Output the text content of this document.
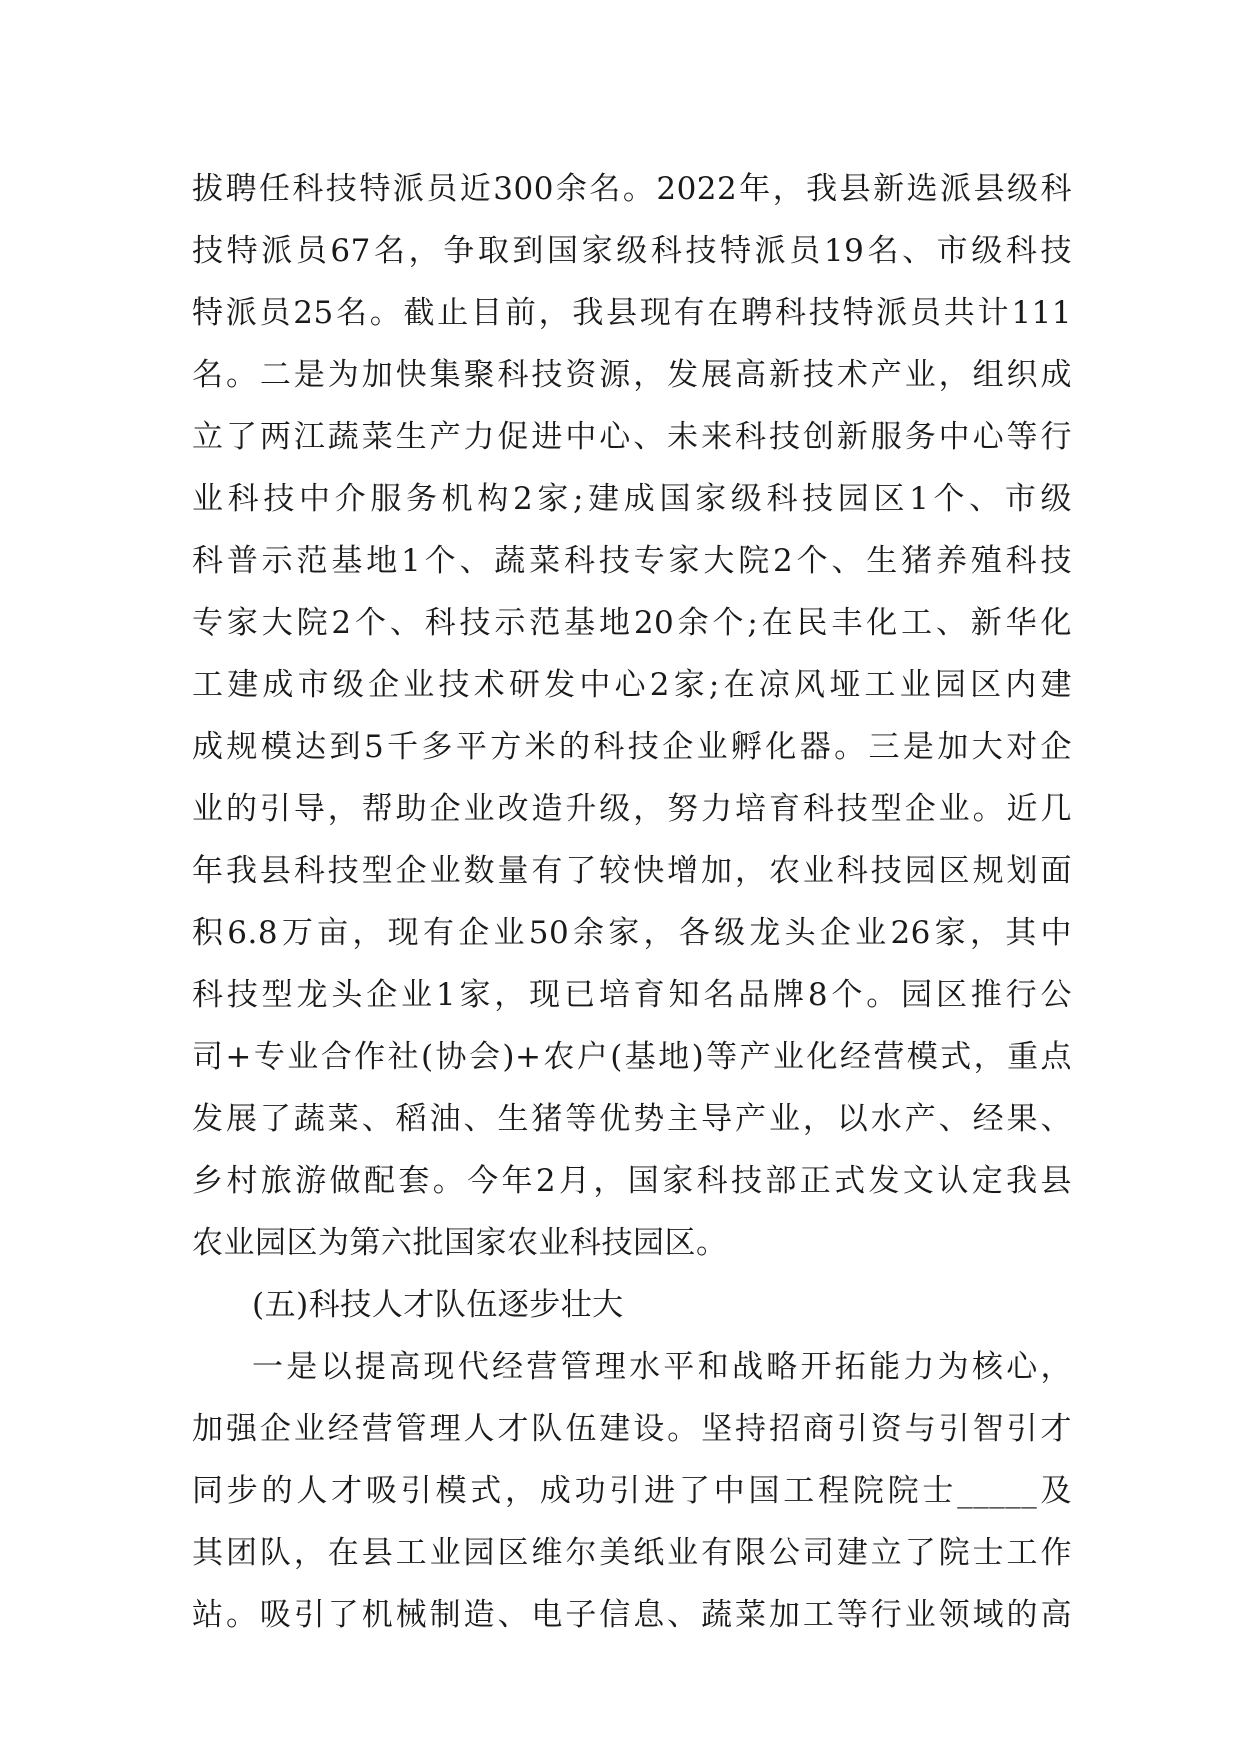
拔聘任科技特派员近300余名。2022年，我县新选派县级科
技特派员67名，争取到国家级科技特派员19名、市级科技
特派员25名。截止目前，我县现有在聘科技特派员共计111
名。二是为加快集聚科技资源，发展高新技术产业，组织成
立了两江蔬菜生产力促进中心、未来科技创新服务中心等行
业科技中介服务机构2家;建成国家级科技园区1个、市级
科普示范基地1个、蔬菜科技专家大院2个、生猪养殖科技
专家大院2个、科技示范基地20余个;在民丰化工、新华化
工建成市级企业技术研发中心2家;在凉风垭工业园区内建
成规模达到5千多平方米的科技企业孵化器。三是加大对企
业的引导，帮助企业改造升级，努力培育科技型企业。近几
年我县科技型企业数量有了较快增加，农业科技园区规划面
积6.8万亩，现有企业50余家，各级龙头企业26家，其中
科技型龙头企业1家，现已培育知名品牌8个。园区推行公
司+专业合作社(协会)+农户(基地)等产业化经营模式，重点
发展了蔬菜、稻油、生猪等优势主导产业，以水产、经果、
乡村旅游做配套。今年2月，国家科技部正式发文认定我县
农业园区为第六批国家农业科技园区。
(五)科技人才队伍逐步壮大
一是以提高现代经营管理水平和战略开拓能力为核心，
加强企业经营管理人才队伍建设。坚持招商引资与引智引才
同步的人才吸引模式，成功引进了中国工程院院士_____及
其团队，在县工业园区维尔美纸业有限公司建立了院士工作
站。吸引了机械制造、电子信息、蔬菜加工等行业领域的高
